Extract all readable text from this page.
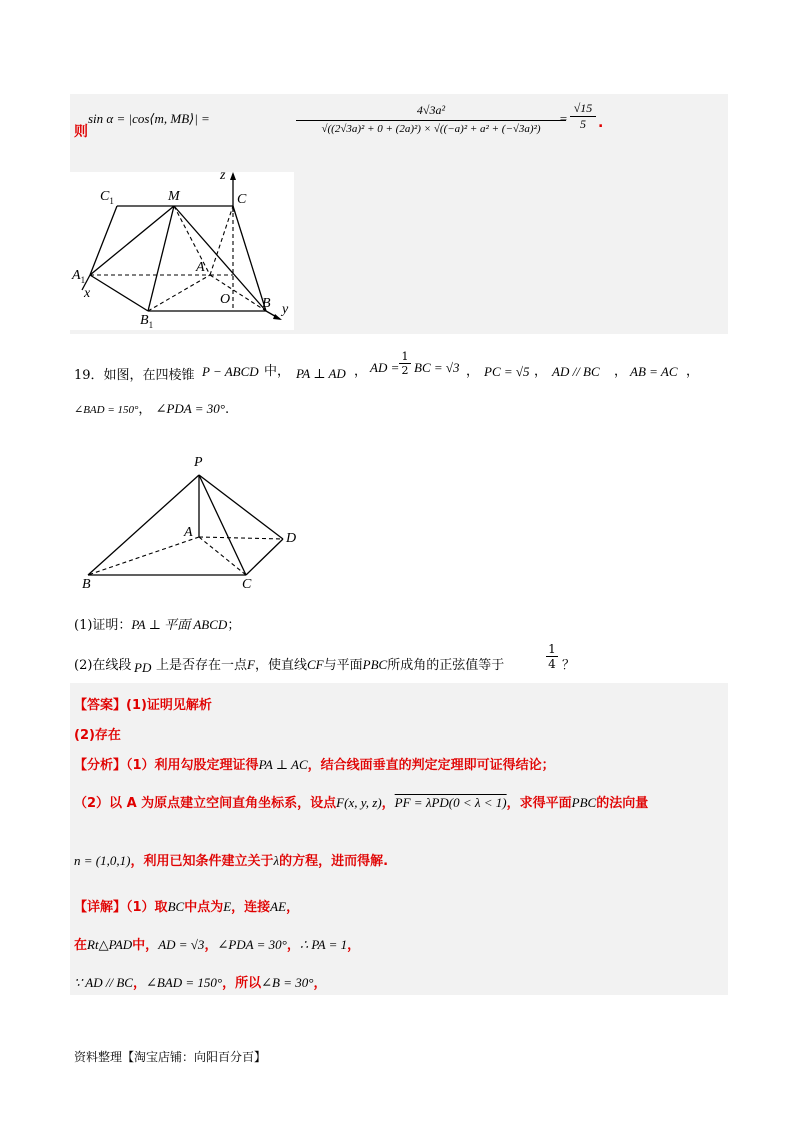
则
sin α = |cos⟨m, MB⟩| =
4√3a²
√((2√3a)² + 0 + (2a)²) × √((−a)² + a² + (−√3a)²)
=
√15
5 .
$C_1$	M
z
C
$A_1$
A
x	O B y
$B_1$
19．如图，在四棱锥 P − ABCD 中， PA ⊥ AD ， AD =
1
2 BC = √3 ， PC = √5 ， AD // BC ， AB = AC ，
∠BAD = 150°， ∠PDA = 30°.
P
A	D
B	C
(1)证明：PA ⊥ 平面 ABCD；
(2)在线段 PD 上是否存在一点F，使直线CF与平面PBC所成角的正弦值等于
1
4 ？
【答案】(1)证明见解析
(2)存在
【分析】（1）利用勾股定理证得PA ⊥ AC，结合线面垂直的判定定理即可证得结论；
（2）以 A 为原点建立空间直角坐标系，设点F(x, y, z)，PF = λPD(0 < λ < 1)，求得平面PBC的法向量
n = (1,0,1)，利用已知条件建立关于λ的方程，进而得解.
【详解】（1）取BC中点为E，连接AE，
在Rt△PAD中，AD = √3，∠PDA = 30°，∴ PA = 1，
∵ AD // BC，∠BAD = 150°，所以∠B = 30°，
资料整理【淘宝店铺：向阳百分百】
